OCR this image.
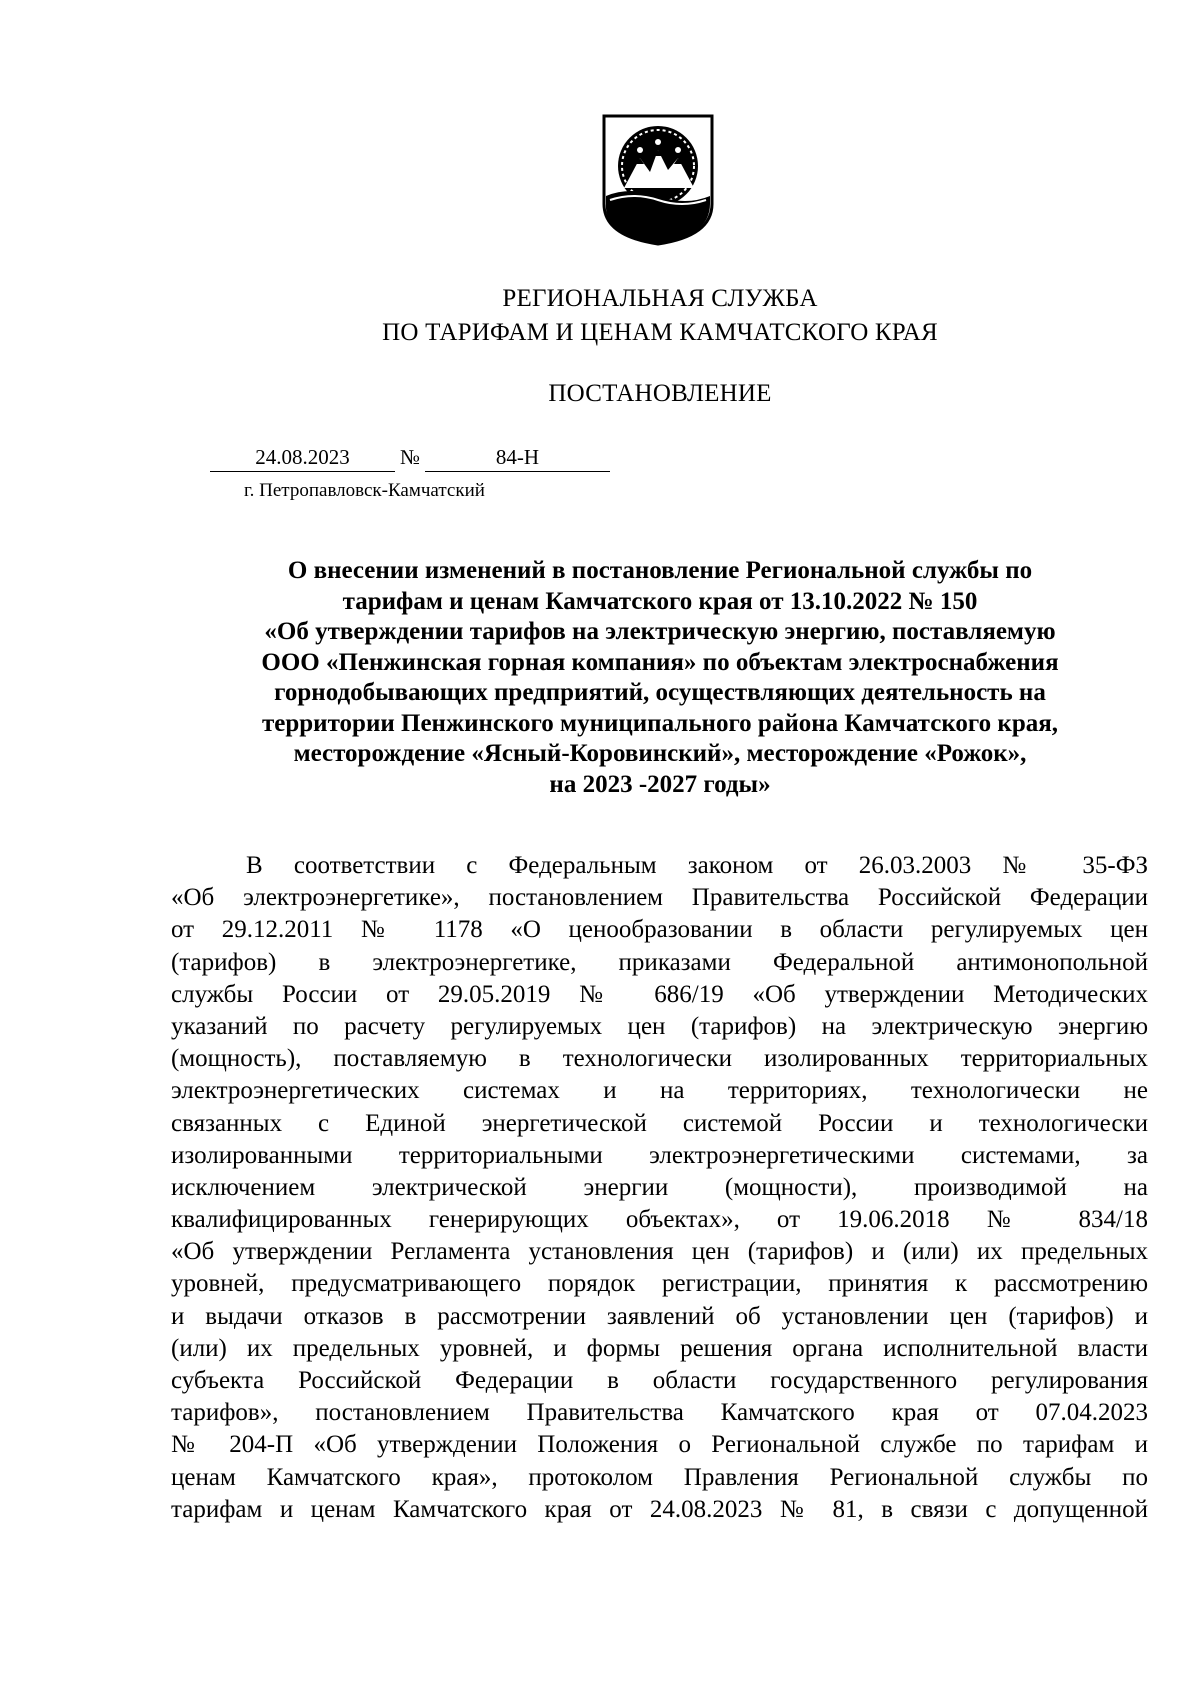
РЕГИОНАЛЬНАЯ СЛУЖБА
ПО ТАРИФАМ И ЦЕНАМ КАМЧАТСКОГО КРАЯ
ПОСТАНОВЛЕНИЕ
24.08.2023	№	84-Н
г. Петропавловск-Камчатский
О внесении изменений в постановление Региональной службы по
тарифам и ценам Камчатского края от 13.10.2022 № 150
«Об утверждении тарифов на электрическую энергию, поставляемую
ООО «Пенжинская горная компания» по объектам электроснабжения
горнодобывающих предприятий, осуществляющих деятельность на
территории Пенжинского муниципального района Камчатского края,
месторождение «Ясный-Коровинский», месторождение «Рожок»,
на 2023 -2027 годы»
В соответствии с Федеральным законом от 26.03.2003 № 35-ФЗ
«Об электроэнергетике», постановлением Правительства Российской Федерации
от 29.12.2011 № 1178 «О ценообразовании в области регулируемых цен
(тарифов) в электроэнергетике, приказами Федеральной антимонопольной
службы России от 29.05.2019 № 686/19 «Об утверждении Методических
указаний по расчету регулируемых цен (тарифов) на электрическую энергию
(мощность), поставляемую в технологически изолированных территориальных
электроэнергетических системах и на территориях, технологически не
связанных с Единой энергетической системой России и технологически
изолированными территориальными электроэнергетическими системами, за
исключением электрической энергии (мощности), производимой на
квалифицированных генерирующих объектах», от 19.06.2018 № 834/18
«Об утверждении Регламента установления цен (тарифов) и (или) их предельных
уровней, предусматривающего порядок регистрации, принятия к рассмотрению
и выдачи отказов в рассмотрении заявлений об установлении цен (тарифов) и
(или) их предельных уровней, и формы решения органа исполнительной власти
субъекта Российской Федерации в области государственного регулирования
тарифов», постановлением Правительства Камчатского края от 07.04.2023
№ 204-П «Об утверждении Положения о Региональной службе по тарифам и
ценам Камчатского края», протоколом Правления Региональной службы по
тарифам и ценам Камчатского края от 24.08.2023 № 81, в связи с допущенной
